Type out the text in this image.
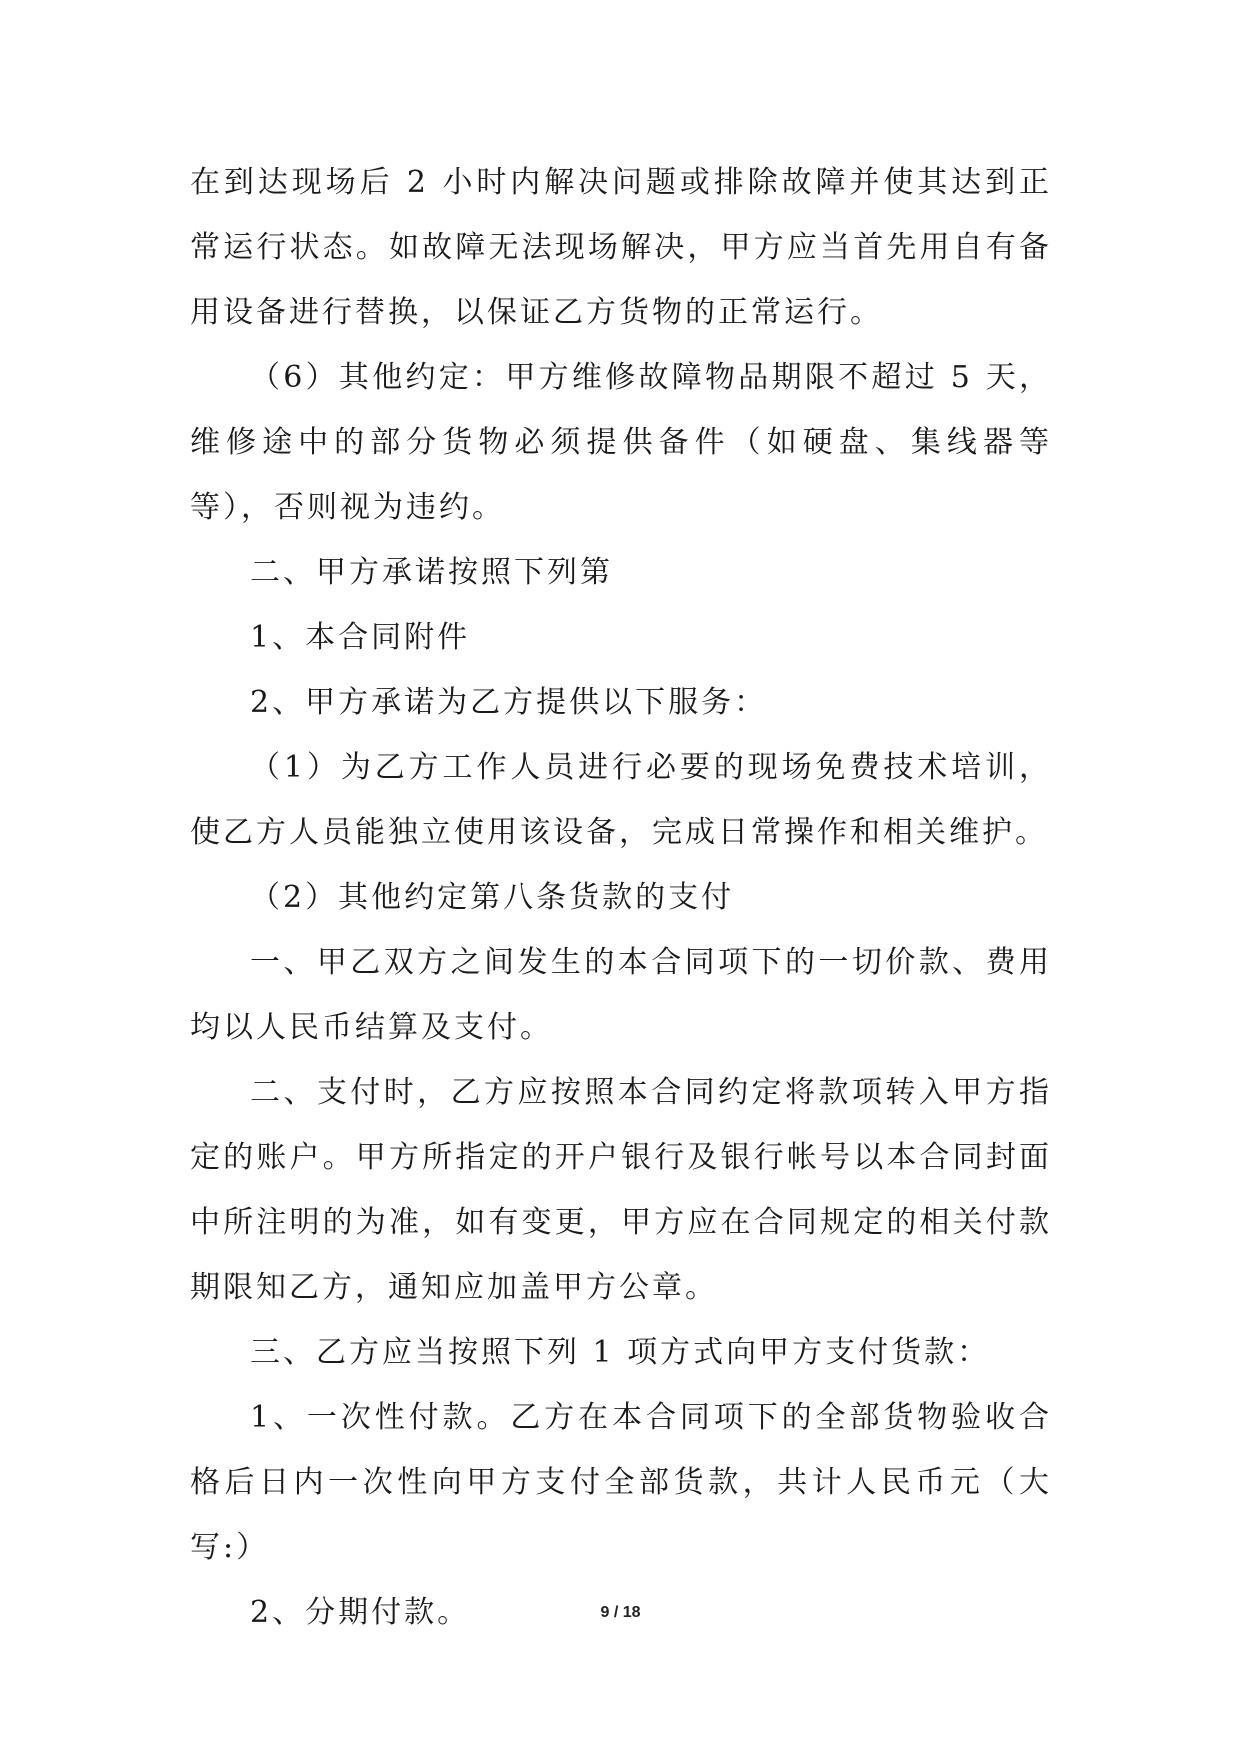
在到达现场后 2 小时内解决问题或排除故障并使其达到正常运行状态。如故障无法现场解决，甲方应当首先用自有备用设备进行替换，以保证乙方货物的正常运行。

（6）其他约定：甲方维修故障物品期限不超过 5 天，维修途中的部分货物必须提供备件（如硬盘、集线器等等），否则视为违约。

二、甲方承诺按照下列第

1、本合同附件

2、甲方承诺为乙方提供以下服务：

（1）为乙方工作人员进行必要的现场免费技术培训，使乙方人员能独立使用该设备，完成日常操作和相关维护。

（2）其他约定第八条货款的支付

一、甲乙双方之间发生的本合同项下的一切价款、费用均以人民币结算及支付。

二、支付时，乙方应按照本合同约定将款项转入甲方指定的账户。甲方所指定的开户银行及银行帐号以本合同封面中所注明的为准，如有变更，甲方应在合同规定的相关付款期限知乙方，通知应加盖甲方公章。

三、乙方应当按照下列 1 项方式向甲方支付货款：

1、一次性付款。乙方在本合同项下的全部货物验收合格后日内一次性向甲方支付全部货款，共计人民币元（大写:）

2、分期付款。	9 / 18
